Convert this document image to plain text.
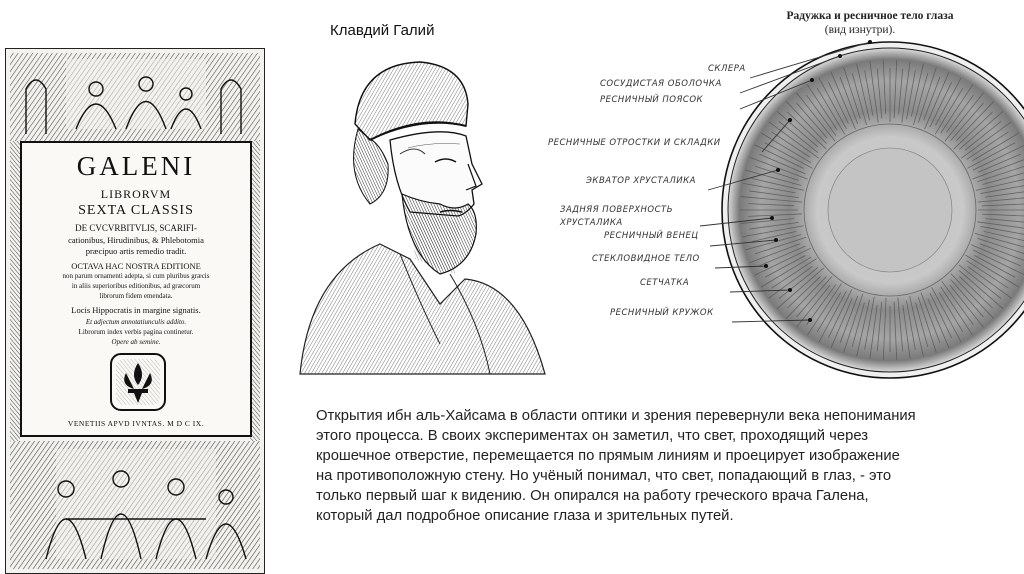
GALENI
LIBRORVM
SEXTA CLASSIS
DE CVCVRBITVLIS, SCARIFI-
cationibus, Hirudinibus, & Phlebotomia
præcipuo artis remedio tradit.
OCTAVA HAC NOSTRA EDITIONE
non parum ornamenti adepta, si cum pluribus græcis
in aliis superioribus editionibus, ad græcorum
librorum fidem emendata.
Locis Hippocratis in margine signatis.
Et adjectum annotatiunculis addito.
Librorum index verbis pagina continetur.
Opere ab semine.
VENETIIS APVD IVNTAS. M D C IX.
Клавдий Галий
Радужка и ресничное тело глаза
(вид изнутри).
СКЛЕРА
СОСУДИСТАЯ ОБОЛОЧКА
РЕСНИЧНЫЙ ПОЯСОК
РЕСНИЧНЫЕ ОТРОСТКИ И СКЛАДКИ
ЭКВАТОР ХРУСТАЛИКА
ЗАДНЯЯ ПОВЕРХНОСТЬ
ХРУСТАЛИКА
РЕСНИЧНЫЙ ВЕНЕЦ
СТЕКЛОВИДНОЕ ТЕЛО
СЕТЧАТКА
РЕСНИЧНЫЙ КРУЖОК

Открытия ибн аль-Хайсама в области оптики и зрения перевернули века непонимания

этого процесса. В своих экспериментах он заметил, что свет, проходящий через

крошечное отверстие, перемещается по прямым линиям и проецирует изображение

на противоположную стену. Но учёный понимал, что свет, попадающий в глаз, - это

только первый шаг к видению. Он опирался на работу греческого врача Галена,

который дал подробное описание глаза и зрительных путей.
